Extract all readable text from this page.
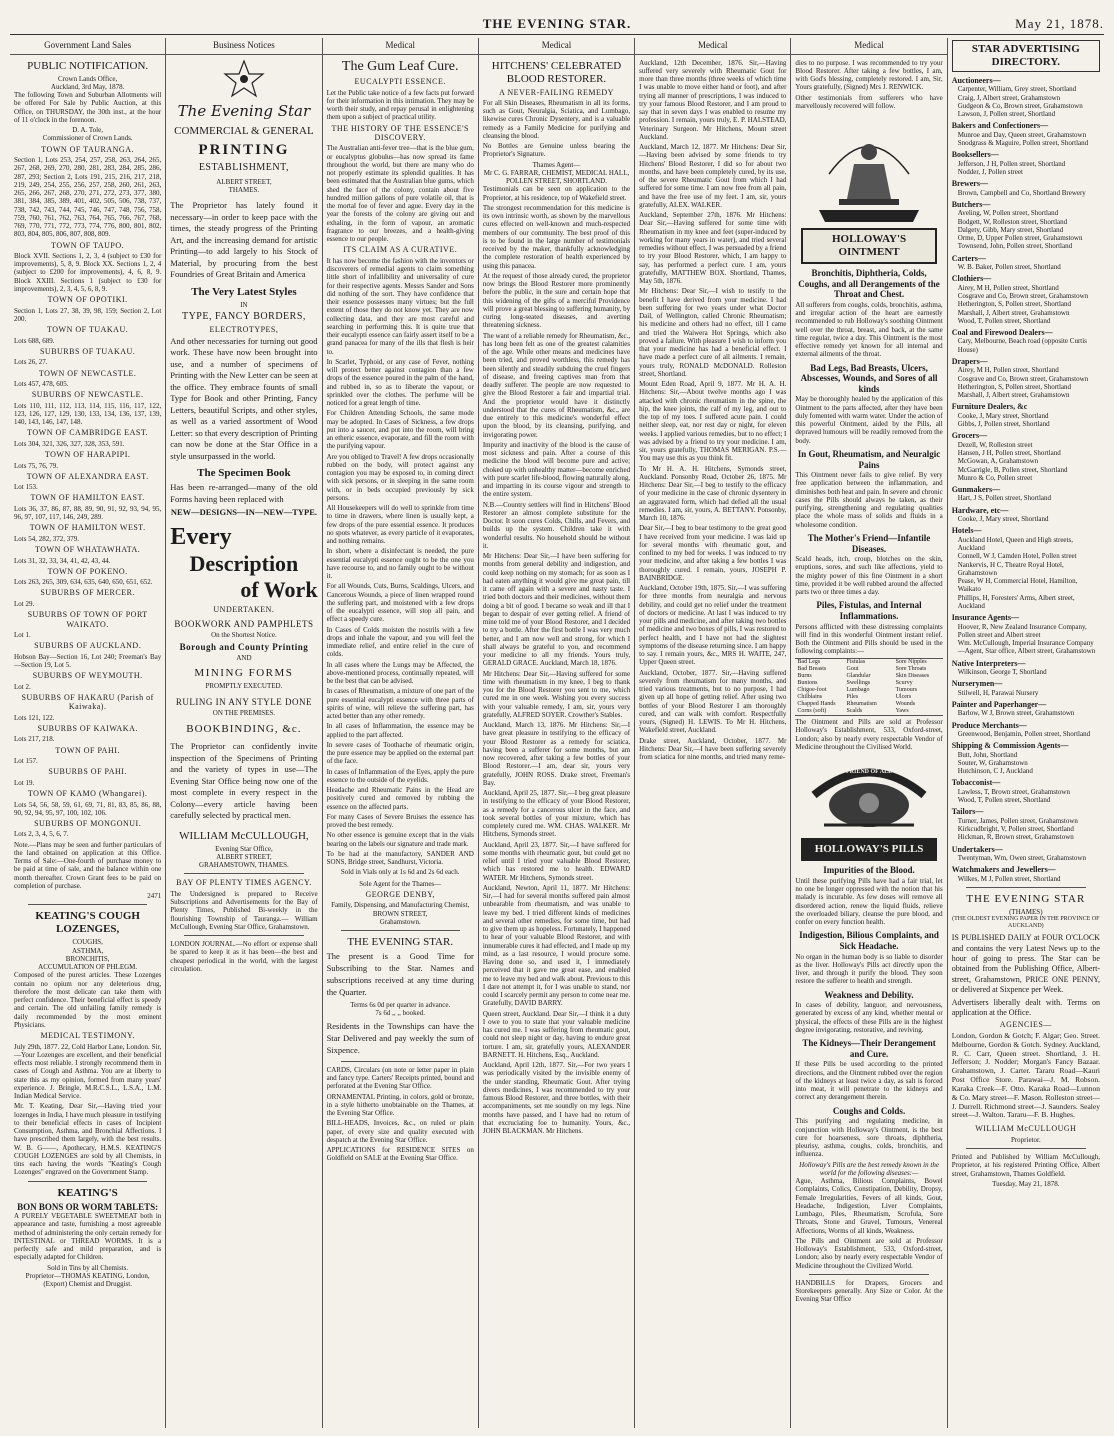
THE EVENING STAR.	May 21, 1878.
Government Land Sales
PUBLIC NOTIFICATION.
Crown Lands Office,
Auckland, 3rd May, 1878.

The following Town and Suburban Allotments will be offered For Sale by Public Auction, at this Office, on THURSDAY, the 30th inst., at the hour of 11 o'clock in the forenoon.

D. A. Tole,
Commissioner of Crown Lands.
TOWN OF TAURANGA.

Section 1, Lots 253, 254, 257, 258, 263, 264, 265, 267, 268, 269, 270, 280, 281, 283, 284, 285, 286, 287, 293; Section 2, Lots 191, 215, 216, 217, 218, 219, 249, 254, 255, 256, 257, 258, 260, 261, 263, 265, 266, 267, 268, 270, 271, 272, 273, 377, 380, 381, 384, 385, 389, 401, 402, 505, 506, 738, 737, 738, 742, 743, 744, 745, 746, 747, 748, 756, 758, 759, 760, 761, 762, 763, 764, 765, 766, 767, 768, 769, 770, 771, 772, 773, 774, 776, 800, 801, 802, 803, 804, 805, 806, 807, 808, 809.

TOWN OF TAUPO.

Block XVII. Sections 1, 2, 3, 4 (subject to £30 for improvements), 5, 8, 9. Block XX. Sections 1, 2, 4 (subject to £200 for improvements), 4, 6, 8, 9. Block XXIII. Sections 1 (subject to £30 for improvements), 2, 3, 4, 5, 6, 8, 9.

TOWN OF OPOTIKI.

Section 1, Lots 27, 38, 39, 98, 159; Section 2, Lot 200.

TOWN OF TUAKAU.

Lots 688, 689.

SUBURBS OF TUAKAU.

Lots 26, 27.

TOWN OF NEWCASTLE.

Lots 457, 478, 605.

SUBURBS OF NEWCASTLE.

Lots 110, 111, 112, 113, 114, 115, 116, 117, 122, 123, 126, 127, 129, 130, 133, 134, 136, 137, 139, 140, 143, 146, 147, 148.

TOWN OF CAMBRIDGE EAST.

Lots 304, 321, 326, 327, 328, 353, 591.

TOWN OF HARAPIPI.

Lots 75, 76, 79.

TOWN OF ALEXANDRA EAST.

Lot 153.

TOWN OF HAMILTON EAST.

Lots 36, 37, 86, 87, 88, 89, 90, 91, 92, 93, 94, 95, 96, 97, 107, 117, 146, 249, 289.

TOWN OF HAMILTON WEST.

Lots 54, 282, 372, 379.

TOWN OF WHATAWHATA.

Lots 31, 32, 33, 34, 41, 42, 43, 44.

TOWN OF POKENO.

Lots 263, 265, 309, 634, 635, 640, 650, 651, 652.

SUBURBS OF MERCER.

Lot 29.

SUBURBS OF TOWN OF PORT WAIKATO.

Lot 1.

SUBURBS OF AUCKLAND.

Hobson Bay—Section 16, Lot 240; Freeman's Bay—Section 19, Lot 5.

SUBURBS OF WEYMOUTH.

Lot 2.

SUBURBS OF HAKARU (Parish of Kaiwaka).

Lots 121, 122.

SUBURBS OF KAIWAKA.

Lots 217, 218.

TOWN OF PAHI.

Lot 157.

SUBURBS OF PAHI.

Lot 19.

TOWN OF KAMO (Whangarei).

Lots 54, 56, 58, 59, 61, 69, 71, 81, 83, 85, 86, 88, 90, 92, 94, 95, 97, 100, 102, 106.

SUBURBS OF MONGONUI.

Lots 2, 3, 4, 5, 6, 7.

Note.—Plans may be seen and further particulars of the land obtained on application at this Office. Terms of Sale:—One-fourth of purchase money to be paid at time of sale, and the balance within one month thereafter. Crown Grant fees to be paid on completion of purchase.

2471
KEATING'S COUGH LOZENGES,
COUGHS,
ASTHMA,
BRONCHITIS,
ACCUMULATION OF PHLEGM.

Composed of the purest articles. These Lozenges contain no opium nor any deleterious drug, therefore the most delicate can take them with perfect confidence. Their beneficial effect is speedy and certain. The old unfailing family remedy is daily recommended by the most eminent Physicians.

MEDICAL TESTIMONY.

July 29th, 1877. 22, Cold Harbor Lane, London. Sir,—Your Lozenges are excellent, and their beneficial effects most reliable. I strongly recommend them in cases of Cough and Asthma. You are at liberty to state this as my opinion, formed from many years' experience. J. Bringle, M.R.C.S.L., L.S.A., L.M. Indian Medical Service.

Mr. T. Keating, Dear Sir,—Having tried your lozenges in India, I have much pleasure in testifying to their beneficial effects in cases of Incipient Consumption, Asthma, and Bronchial Affections. I have prescribed them largely, with the best results. W. B. G——, Apothecary, H.M.S. KEATING'S COUGH LOZENGES are sold by all Chemists, in tins each having the words "Keating's Cough Lozenges" engraved on the Government Stamp.

KEATING'S
BON BONS OR WORM TABLETS:

A PURELY VEGETABLE SWEETMEAT both in appearance and taste, furnishing a most agreeable method of administering the only certain remedy for INTESTINAL or THREAD WORMS. It is a perfectly safe and mild preparation, and is especially adapted for Children.

Sold in Tins by all Chemists.
Proprietor—THOMAS KEATING, London, (Export) Chemist and Druggist.
Business Notices
The Evening Star
COMMERCIAL & GENERAL
PRINTING
ESTABLISHMENT,
ALBERT STREET,
THAMES.

The Proprietor has lately found it necessary—in order to keep pace with the times, the steady progress of the Printing Art, and the increasing demand for artistic Printing—to add largely to his Stock of Material, by procuring from the best Foundries of Great Britain and America

The Very Latest Styles
IN
TYPE, FANCY BORDERS,
ELECTROTYPES,

And other necessaries for turning out good work. These have now been brought into use, and a number of specimens of Printing with the New Letter can be seen at the office. They embrace founts of small Type for Book and other Printing, Fancy Letters, beautiful Scripts, and other styles, as well as a varied assortment of Wood Letter: so that every description of Printing can now be done at the Star Office in a style unsurpassed in the world.

The Specimen Book

Has been re-arranged—many of the old Forms having been replaced with

NEW—DESIGNS—IN—NEW—TYPE.
Every
Description
of Work
UNDERTAKEN.
BOOKWORK AND PAMPHLETS
On the Shortest Notice.
Borough and County Printing
AND
MINING FORMS
PROMPTLY EXECUTED.
RULING IN ANY STYLE DONE
ON THE PREMISES.
BOOKBINDING, &c.

The Proprietor can confidently invite inspection of the Specimens of Printing and the variety of types in use—The Evening Star Office being now one of the most complete in every respect in the Colony—every article having been carefully selected by practical men.

WILLIAM McCULLOUGH,
Evening Star Office,
ALBERT STREET,
GRAHAMSTOWN, THAMES.
BAY OF PLENTY TIMES AGENCY.

The Undersigned is prepared to Receive Subscriptions and Advertisements for the Bay of Plenty Times, Published Bi-weekly in the flourishing Township of Tauranga.— William McCullough, Evening Star Office, Grahamstown.

LONDON JOURNAL.—No effort or expense shall be spared to keep it as it has been—the best and cheapest periodical in the world, with the largest circulation.

Medical
The Gum Leaf Cure.
EUCALYPTI ESSENCE.

Let the Public take notice of a few facts put forward for their information in this intimation. They may be worth their study, and repay perusal in enlightening them upon a subject of practical utility.

THE HISTORY OF THE ESSENCE'S DISCOVERY.

The Australian anti-fever tree—that is the blue gum, or eucalyptus globulus—has now spread its fame throughout the world, but there are many who do not properly estimate its splendid qualities. It has been estimated that the Australian blue gums, which shed the face of the colony, contain about five hundred million gallons of pure volatile oil, that is the mortal foe of fever and ague. Every day in the year the forests of the colony are giving out and exhaling, in the form of vapour, an aromatic fragrance to our breezes, and a health-giving essence to our people.

ITS CLAIM AS A CURATIVE.

It has now become the fashion with the inventors or discoverers of remedial agents to claim something little short of infallibility and universality of cure for their respective agents. Messrs Sander and Sons did nothing of the sort. They have confidence that their essence possesses many virtues; but the full extent of those they do not know yet. They are now collecting data, and they are most careful and searching in performing this. It is quite true that their eucalypti essence can fairly assert itself to be a grand panacea for many of the ills that flesh is heir to.

In Scarlet, Typhoid, or any case of Fever, nothing will protect better against contagion than a few drops of the essence poured in the palm of the hand, and rubbed in, so as to liberate the vapour, or sprinkled over the clothes. The perfume will be noticed for a great length of time.

For Children Attending Schools, the same mode may be adopted. In Cases of Sickness, a few drops put into a saucer, and put into the room, will bring an etheric essence, evaporate, and fill the room with the purifying vapour.

Are you obliged to Travel! A few drops occasionally rubbed on the body, will protect against any contagion you may be exposed to, in coming direct with sick persons, or in sleeping in the same room with, or in beds occupied previously by sick persons.

All Housekeepers will do well to sprinkle from time to time in drawers, where linen is usually kept, a few drops of the pure essential essence. It produces no spots whatever, as every particle of it evaporates, and nothing remains.

In short, where a disinfectant is needed, the pure essential eucalypti essence ought to be the one you have recourse to, and no family ought to be without it.

For all Wounds, Cuts, Burns, Scaldings, Ulcers, and Cancerous Wounds, a piece of linen wrapped round the suffering part, and moistened with a few drops of the eucalypti essence, will stop all pain, and effect a speedy cure.

In Cases of Colds moisten the nostrils with a few drops and inhale the vapour, and you will feel the immediate relief, and entire relief in the cure of colds.

In all cases where the Lungs may be Affected, the above-mentioned process, continually repeated, will be the best that can be advised.

In cases of Rheumatism, a mixture of one part of the pure essential eucalypti essence with three parts of spirits of wine, will relieve the suffering part, has acted better than any other remedy.

In all cases of Inflammation, the essence may be applied to the part affected.

In severe cases of Toothache of rheumatic origin, the pure essence may be applied on the external part of the face.

In cases of Inflammation of the Eyes, apply the pure essence to the outside of the eyelids.

Headache and Rheumatic Pains in the Head are positively cured and removed by rubbing the essence on the affected parts.

For many Cases of Severe Bruises the essence has proved the best remedy.

No other essence is genuine except that in the vials bearing on the labels our signature and trade mark.

To be had at the manufactory, SANDER AND SONS, Bridge street, Sandhurst, Victoria.

Sold in Vials only at 1s 6d and 2s 6d each.
Sole Agent for the Thames—
GEORGE DENBY,
Family, Dispensing, and Manufacturing Chemist,
BROWN STREET,
Grahamstown.
THE EVENING STAR.

The present is a Good Time for Subscribing to the Star. Names and subscriptions received at any time during the Quarter.

Terms 6s 0d per quarter in advance.
7s 6d ,, ,, booked.

Residents in the Townships can have the Star Delivered and pay weekly the sum of Sixpence.

CARDS, Circulars (on note or letter paper in plain and fancy type. Carters' Receipts printed, bound and perforated at the Evening Star Office.

ORNAMENTAL Printing, in colors, gold or bronze, in a style hitherto unobtainable on the Thames, at the Evening Star Office.

BILL-HEADS, Invoices, &c., on ruled or plain paper, of every size and quality executed with despatch at the Evening Star Office.

APPLICATIONS for RESIDENCE SITES on Goldfield on SALE at the Evening Star Office.

Medical
HITCHENS' CELEBRATED BLOOD RESTORER.
A NEVER-FAILING REMEDY

For all Skin Diseases, Rheumatism in all its forms, such as Gout, Neuralgia, Sciatica, and Lumbago, likewise cures Chronic Dysentery, and is a valuable remedy as a Family Medicine for purifying and cleansing the blood.

No Bottles are Genuine unless bearing the Proprietor's Signature.

Thames Agent—
Mr C. G. FARRAR, CHEMIST, MEDICAL HALL, POLLEN STREET, SHORTLAND.

Testimonials can be seen on application to the Proprietor, at his residence, top of Wakefield street.

The strongest recommendation for this medicine is its own intrinsic worth, as shown by the marvellous cures effected on well-known and much-respected members of our community. The best proof of this is to be found in the large number of testimonials received by the maker, thankfully acknowledging the complete restoration of health experienced by using this panacea.

At the request of those already cured, the proprietor now brings the Blood Restorer more prominently before the public, in the sure and certain hope that this widening of the gifts of a merciful Providence will prove a great blessing to suffering humanity, by curing long-seated diseases, and averting threatening sickness.

The want of a reliable remedy for Rheumatism, &c., has long been felt as one of the greatest calamities of the age. While other means and medicines have been tried, and proved worthless, this remedy has been silently and steadily subduing the cruel fingers of disease, and freeing captives man from that deadly sufferer. The people are now requested to give the Blood Restorer a fair and impartial trial. And the proprietor would have it distinctly understood that the cures of Rheumatism, &c., are due entirely to this medicine's wonderful effect upon the blood, by its cleansing, purifying, and invigorating power.

Impurity and inactivity of the blood is the cause of most sickness and pain. After a course of this medicine the blood will become pure and active; choked up with unhealthy matter—become enriched with pure scarlet life-blood, flowing naturally along, and imparting in its course vigour and strength to the entire system.

N.B.—Country settlers will find in Hitchens' Blood Restorer an almost complete substitute for the Doctor. It soon cures Colds, Chills, and Fevers, and builds up the system. Children take it with wonderful results. No household should be without it.

Mr Hitchens: Dear Sir,—I have been suffering for months from general debility and indigestion, and could keep nothing on my stomach; for as soon as I had eaten anything it would give me great pain, till it came off again with a severe and nasty taste. I tried both doctors and their medicines, without them doing a bit of good. I became so weak and ill that I began to despair of ever getting relief. A friend of mine told me of your Blood Restorer, and I decided to try a bottle. After the first bottle I was very much better, and I am now well and strong, for which I shall always be grateful to you, and recommend your medicine to all my friends. Yours truly, GERALD GRACE. Auckland, March 18, 1876.

Mr Hitchens: Dear Sir,—Having suffered for some time with rheumatism in my knee, I beg to thank you for the Blood Restorer you sent to me, which cured me in one week. Wishing you every success with your valuable remedy, I am, sir, yours very gratefully, ALFRED SOYER. Crowther's Stables.

Auckland, March 13, 1876. Mr Hitchens: Sir,—I have great pleasure in testifying to the efficacy of your Blood Restorer as a remedy for sciatica, having been a sufferer for some months, but am now recovered, after taking a few bottles of your Blood Restorer.—I am, dear sir, yours very gratefully, JOHN ROSS. Drake street, Freeman's Bay.

Auckland, April 25, 1877. Sir,—I beg great pleasure in testifying to the efficacy of your Blood Restorer, as a remedy for a cancerous ulcer in the face, and took several bottles of your mixture, which has completely cured me. WM. CHAS. WALKER. Mr Hitchens, Symonds street.

Auckland, April 23, 1877. Sir,—I have suffered for some months with rheumatic gout, but could get no relief until I tried your valuable Blood Restorer, which has restored me to health. EDWARD WATER. Mr Hitchens, Symonds street.

Auckland, Newton, April 11, 1877. Mr Hitchens: Sir,—I had for several months suffered pain almost unbearable from rheumatism, and was unable to leave my bed. I tried different kinds of medicines and several other remedies, for some time, but had to give them up as hopeless. Fortunately, I happened to hear of your valuable Blood Restorer, and with innumerable cures it had effected, and I made up my mind, as a last resource, I would procure some. Having done so, and used it, I immediately perceived that it gave me great ease, and enabled me to leave my bed and walk about. Previous to this I dare not attempt it, for I was unable to stand, nor could I scarcely permit any person to come near me. Gratefully, DAVID BARRY.

Queen street, Auckland. Dear Sir,—I think it a duty I owe to you to state that your valuable medicine has cured me. I was suffering from rheumatic gout, could not sleep night or day, having to endure great torture. I am, sir, gratefully yours, ALEXANDER BARNETT. H. Hitchens, Esq., Auckland.

Auckland, April 12th, 1877. Sir,—For two years I was periodically visited by the invisible enemy of the under standing, Rheumatic Gout. After trying divers medicines, I was recommended to try your famous Blood Restorer, and three bottles, with their accompaniments, set me soundly on my legs. Nine months have passed, and I have had no return of that excruciating foe to humanity. Yours, &c., JOHN BLACKMAN. Mr Hitchens.

Medical

Auckland, 12th December, 1876. Sir,—Having suffered very severely with Rheumatic Gout for more than three months (three weeks of which time I was unable to move either hand or foot), and after trying all manner of prescriptions, I was induced to try your famous Blood Restorer, and I am proud to say that in seven days I was enabled to resume my profession. I remain, yours truly, E. P. HALSTEAD, Veterinary Surgeon. Mr Hitchens, Mount street Auckland.

Auckland, March 12, 1877. Mr Hitchens: Dear Sir,—Having been advised by some friends to try Hitchens' Blood Restorer, I did so for about two months, and have been completely cured, by its use, of the severe Rheumatic Gout from which I had suffered for some time. I am now free from all pain, and have the free use of my feet. I am, sir, yours gratefully, ALEX. WALKER.

Auckland, September 27th, 1876. Mr Hitchens: Dear Sir,—Having suffered for some time with Rheumatism in my knee and feet (super-induced by working for many years in water), and tried several remedies without effect, I was persuaded by a friend to try your Blood Restorer, which, I am happy to say, has performed a perfect cure. I am, yours gratefully, MATTHEW BOX. Shortland, Thames, May 5th, 1876.

Mr Hitchens: Dear Sir,—I wish to testify to the benefit I have derived from your medicine. I had been suffering for two years under what Doctor Dail, of Wellington, called Chronic Rheumatism; his medicine and others had no effect, till I came and tried the Waiwera Hot Springs, which also proved a failure. With pleasure I wish to inform you that your medicine has had a beneficial effect. I have made a perfect cure of all ailments. I remain, yours truly, RONALD McDONALD. Rolleston street, Shortland.

Mount Eden Road, April 9, 1877. Mr H. A. H. Hitchens: Sir,—About twelve months ago I was attacked with chronic rheumatism in the spine, the hip, the knee joints, the calf of my leg, and out to the top of my toes. I suffered acute pain. I could neither sleep, eat, nor rest day or night, for eleven weeks. I applied various remedies, but to no effect; I was advised by a friend to try your medicine. I am, sir, yours gratefully, THOMAS MERIGAN. P.S.—You may use this as you think fit.

To Mr H. A. H. Hitchens, Symonds street, Auckland. Ponsonby Road, October 26, 1875. Mr Hitchens: Dear Sir,—I beg to testify to the efficacy of your medicine in the case of chronic dysentery in an aggravated form, which had defied all the usual remedies. I am, sir, yours, A. BETTANY. Ponsonby, March 10, 1876.

Dear Sir,—I beg to bear testimony to the great good I have received from your medicine. I was laid up for several months with rheumatic gout, and confined to my bed for weeks. I was induced to try your medicine, and after taking a few bottles I was thoroughly cured. I remain, yours, JOSEPH P. BAINBRIDGE.

Auckland, October 19th, 1875. Sir,—I was suffering for three months from neuralgia and nervous debility, and could get no relief under the treatment of doctors or medicine. At last I was induced to try your pills and medicine, and after taking two bottles of medicine and two boxes of pills, I was restored to perfect health, and I have not had the slightest symptoms of the disease returning since. I am happy to say. I remain yours, &c., MRS H. WAITE, 247, Upper Queen street.

Auckland, October, 1877. Sir,—Having suffered severely from rheumatism for many months, and tried various treatments, but to no purpose, I had given up all hope of getting relief. After using two bottles of your Blood Restorer I am thoroughly cured, and can walk with comfort. Respectfully yours, (Signed) H. LEWIS. To Mr H. Hitchens, Wakefield street, Auckland.

Drake street, Auckland, October, 1877. Mr Hitchens: Dear Sir,—I have been suffering severely from sciatica for nine months, and tried many reme-

Medical

dies to no purpose. I was recommended to try your Blood Restorer. After taking a few bottles, I am, with God's blessing, completely restored. I am, Sir, Yours gratefully, (Signed) Mrs J. RENWICK.

Other testimonials from sufferers who have marvellously recovered will follow.

HOLLOWAY'S OINTMENT
Bronchitis, Diphtheria, Colds, Coughs, and all Derangements of the Throat and Chest.

All sufferers from coughs, colds, bronchitis, asthma, and irregular action of the heart are earnestly recommended to rub Holloway's soothing Ointment well over the throat, breast, and back, at the same time regular, twice a day. This Ointment is the most effective remedy yet known for all internal and external ailments of the throat.

Bad Legs, Bad Breasts, Ulcers, Abscesses, Wounds, and Sores of all kinds

May be thoroughly healed by the application of this Ointment to the parts affected, after they have been duly fomented with warm water. Under the action of this powerful Ointment, aided by the Pills, all depraved humours will be readily removed from the body.

In Gout, Rheumatism, and Neuralgic Pains

This Ointment never fails to give relief. By very free application between the inflammation, and diminishes both heat and pain. In severe and chronic cases the Pills should always be taken, as their purifying, strengthening and regulating qualities place the whole mass of solids and fluids in a wholesome condition.

The Mother's Friend—Infantile Diseases.

Scald heads, itch, croup, blotches on the skin, eruptions, sores, and such like affections, yield to the mighty power of this fine Ointment in a short time, provided it be well rubbed around the affected parts two or three times a day.

Piles, Fistulas, and Internal Inflammations.

Persons afflicted with these distressing complaints will find in this wonderful Ointment instant relief. Both the Ointment and Pills should be used in the following complaints:—

Bad Legs	Fistulas	Sore Nipples
Bad Breasts	Gout	Sore Throats
Burns	Glandular	Skin Diseases
Bunions	Swellings	Scurvy
Chigoe-foot	Lumbago	Tumours
Chilblains	Piles	Ulcers
Chapped Hands	Rheumatism	Wounds
Corns (soft)	Scalds	Yaws

The Ointment and Pills are sold at Professor Holloway's Establishment, 533, Oxford-street, London; also by nearly every respectable Vendor of Medicine throughout the Civilised World.

FRIEND OF ALL
HOLLOWAY'S PILLS
Impurities of the Blood.

Until these purifying Pills have had a fair trial, let no one be longer oppressed with the notion that his malady is incurable. As few doses will remove all disordered action, renew the liquid fluids, relieve the overloaded biliary, cleanse the pure blood, and confer on every function health.

Indigestion, Bilious Complaints, and Sick Headache.

No organ in the human body is so liable to disorder as the liver. Holloway's Pills act directly upon the liver, and through it purify the blood. They soon restore the sufferer to health and strength.

Weakness and Debility.

In cases of debility, languor, and nervousness, generated by excess of any kind, whether mental or physical, the effects of these Pills are in the highest degree invigorating, restorative, and reviving.

The Kidneys—Their Derangement and Cure.

If these Pills be used according to the printed directions, and the Ointment rubbed over the region of the kidneys at least twice a day, as salt is forced into meat, it will penetrate to the kidneys and correct any derangement therein.

Coughs and Colds.

This purifying and regulating medicine, in conjunction with Holloway's Ointment, is the best cure for hoarseness, sore throats, diphtheria, pleurisy, asthma, coughs, colds, bronchitis, and influenza.

Holloway's Pills are the best remedy known in the world for the following diseases:—

Ague, Asthma, Bilious Complaints, Bowel Complaints, Colics, Constipation, Debility, Dropsy, Female Irregularities, Fevers of all kinds, Gout, Headache, Indigestion, Liver Complaints, Lumbago, Piles, Rheumatism, Scrofula, Sore Throats, Stone and Gravel, Tumours, Venereal Affections, Worms of all kinds, Weakness.

The Pills and Ointment are sold at Professor Holloway's Establishment, 533, Oxford-street, London; also by nearly every respectable Vendor of Medicine throughout the Civilized World.

HANDBILLS for Drapers, Grocers and Storekeepers generally. Any Size or Color. At the Evening Star Office

STAR ADVERTISING DIRECTORY.
Auctioneers—
Carpenter, William, Grey street, Shortland
Craig, J, Albert street, Grahamstown
Gudgeon & Co, Brown street, Grahamstown
Lawson, J, Pollen street, Shortland
Bakers and Confectioners—
Munroe and Day, Queen street, Grahamstown
Snodgrass & Maguire, Pollen street, Shortland
Booksellers—
Jefferson, J H, Pollen street, Shortland
Nodder, J, Pollen street
Brewers—
Brown, Campbell and Co, Shortland Brewery
Butchers—
Aveling, W, Pollen street, Shortland
Bodgett, W, Rolleston street, Shortland
Dalgety, Gibb, Mary street, Shortland
Orme, D, Upper Pollen street, Grahamstown
Townsend, John, Pollen street, Shortland
Carters—
W. B. Baker, Pollen street, Shortland
Clothiers—
Airey, M H, Pollen street, Shortland
Cosgrave and Co, Brown street, Grahamstown
Hetherington, S, Pollen street, Shortland
Marshall, J, Albert street, Grahamstown
Wood, T, Pollen street, Shortland
Coal and Firewood Dealers—
Cary, Melbourne, Beach road (opposite Curtis House)
Drapers—
Airey, M H, Pollen street, Shortland
Cosgrave and Co, Brown street, Grahamstown
Hetherington, S, Pollen street, Shortland
Marshall, J, Albert street, Grahamstown
Furniture Dealers, &c
Cooke, J, Mary street, Shortland
Gibbs, J, Pollen street, Shortland
Grocers—
Dezell, W, Rolleston street
Hansen, J H, Pollen street, Shortland
McGowan, A, Grahamstown
McGarrigle, B, Pollen street, Shortland
Munro & Co, Pollen street
Gunmakers—
Hart, J S, Pollen street, Shortland
Hardware, etc—
Cooke, J, Mary street, Shortland
Hotels—
Auckland Hotel, Queen and High streets, Auckland
Connell, W J, Camden Hotel, Pollen street
Nankervis, H C, Theatre Royal Hotel, Grahamstown
Pease, W H, Commercial Hotel, Hamilton, Waikato
Phillips, H, Foresters' Arms, Albert street, Auckland
Insurance Agents—
Hoover, R, New Zealand Insurance Company, Pollen street and Albert street
Wm. McCullough, Imperial Insurance Company—Agent, Star office, Albert street, Grahamstown
Native Interpreters—
Wilkinson, George T, Shortland
Nurserymen—
Stilwell, H, Parawai Nursery
Painter and Paperhanger—
Barlow, W J, Brown street, Grahamstown
Produce Merchants—
Greenwood, Benjamin, Pollen street, Shortland
Shipping & Commission Agents—
Butt, John, Shortland
Souter, W, Grahamstown
Hutchinson, C J, Auckland
Tobacconist—
Lawless, T, Brown street, Grahamstown
Wood, T, Pollen street, Shortland
Tailors—
Turner, James, Pollen street, Grahamstown
Kirkcudbright, V, Pollen street, Shortland
Hickman, R, Brown street, Grahamstown
Undertakers—
Twentyman, Wm, Owen street, Grahamstown
Watchmakers and Jewellers—
Wilkes, M J, Pollen street, Shortland
THE EVENING STAR
(THAMES)
(THE OLDEST EVENING PAPER IN THE PROVINCE OF AUCKLAND)

IS PUBLISHED DAILY at FOUR O'CLOCK and contains the very Latest News up to the hour of going to press. The Star can be obtained from the Publishing Office, Albert-street, Grahamstown, PRICE ONE PENNY, or delivered at Sixpence per Week.

Advertisers liberally dealt with. Terms on application at the Office.

AGENCIES—

London, Gordon & Gotch; F. Algar; Geo. Street. Melbourne, Gordon & Gotch. Sydney. Auckland, R. C. Carr, Queen street. Shortland, J. H. Jefferson; J. Nodder; Morgan's Fancy Bazaar. Grahamstown, J. Carter. Tararu Road—Kauri Post Office Store. Parawai—J. M. Robson. Karaka Creek—F. Otto. Karaka Road—Lunnon & Co. Mary street—F. Mason. Rolleston street—J. Durrell. Richmond street—J. Saunders. Sealey street—J. Walton. Tararu—F. B. Hughes.

WILLIAM McCULLOUGH
Proprietor.

Printed and Published by William McCullough, Proprietor, at his registered Printing Office, Albert street, Grahamstown, Thames Goldfield.

Tuesday, May 21, 1878.
